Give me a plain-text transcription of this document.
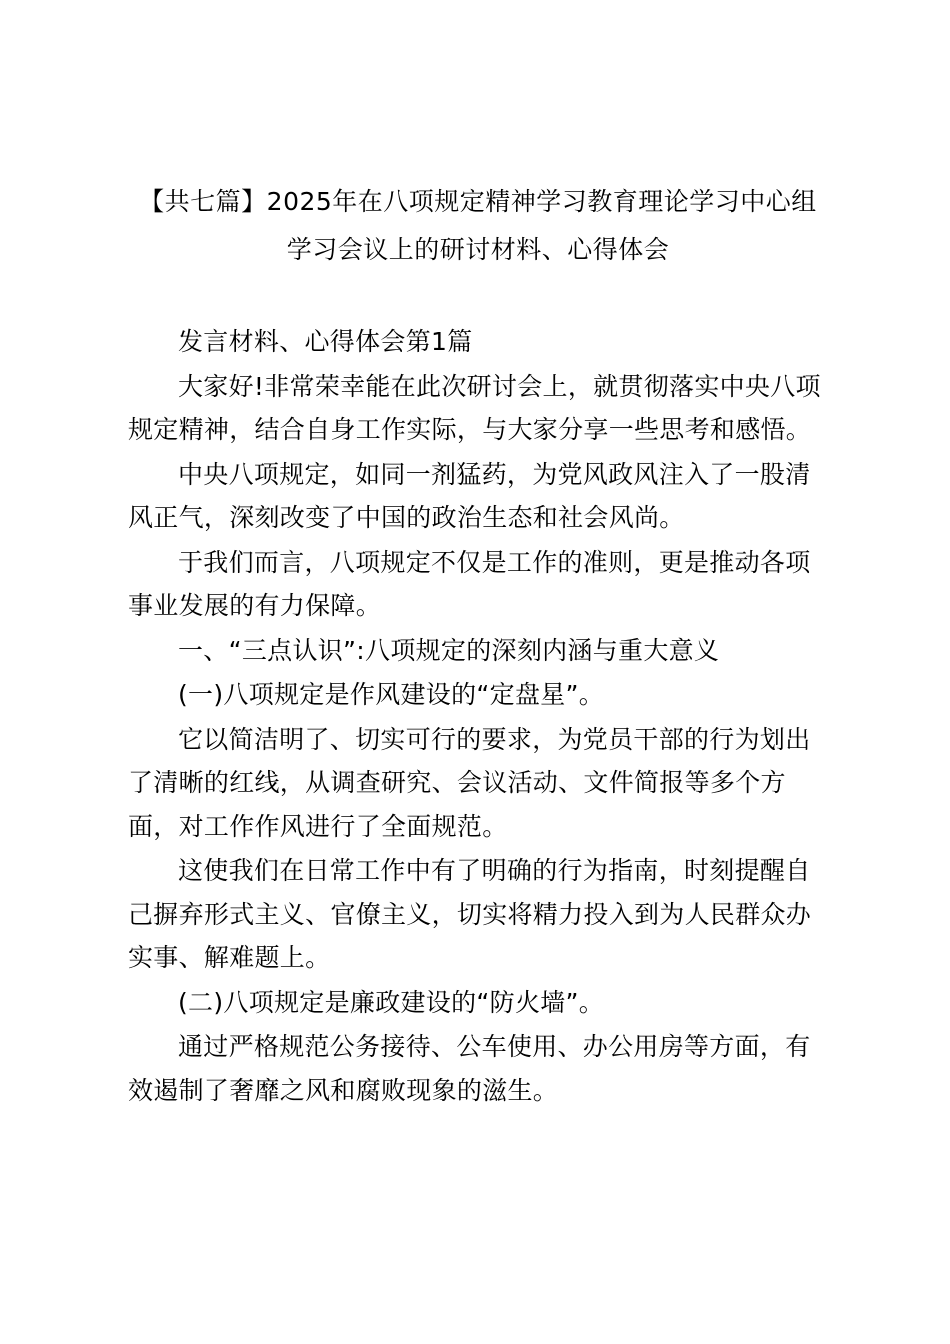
【共七篇】2025年在八项规定精神学习教育理论学习中心组学习会议上的研讨材料、心得体会

发言材料、心得体会第1篇

大家好!非常荣幸能在此次研讨会上，就贯彻落实中央八项规定精神，结合自身工作实际，与大家分享一些思考和感悟。

中央八项规定，如同一剂猛药，为党风政风注入了一股清风正气，深刻改变了中国的政治生态和社会风尚。

于我们而言，八项规定不仅是工作的准则，更是推动各项事业发展的有力保障。

一、“三点认识”:八项规定的深刻内涵与重大意义

(一)八项规定是作风建设的“定盘星”。

它以简洁明了、切实可行的要求，为党员干部的行为划出了清晰的红线，从调查研究、会议活动、文件简报等多个方面，对工作作风进行了全面规范。

这使我们在日常工作中有了明确的行为指南，时刻提醒自己摒弃形式主义、官僚主义，切实将精力投入到为人民群众办实事、解难题上。

(二)八项规定是廉政建设的“防火墙”。

通过严格规范公务接待、公车使用、办公用房等方面，有效遏制了奢靡之风和腐败现象的滋生。
